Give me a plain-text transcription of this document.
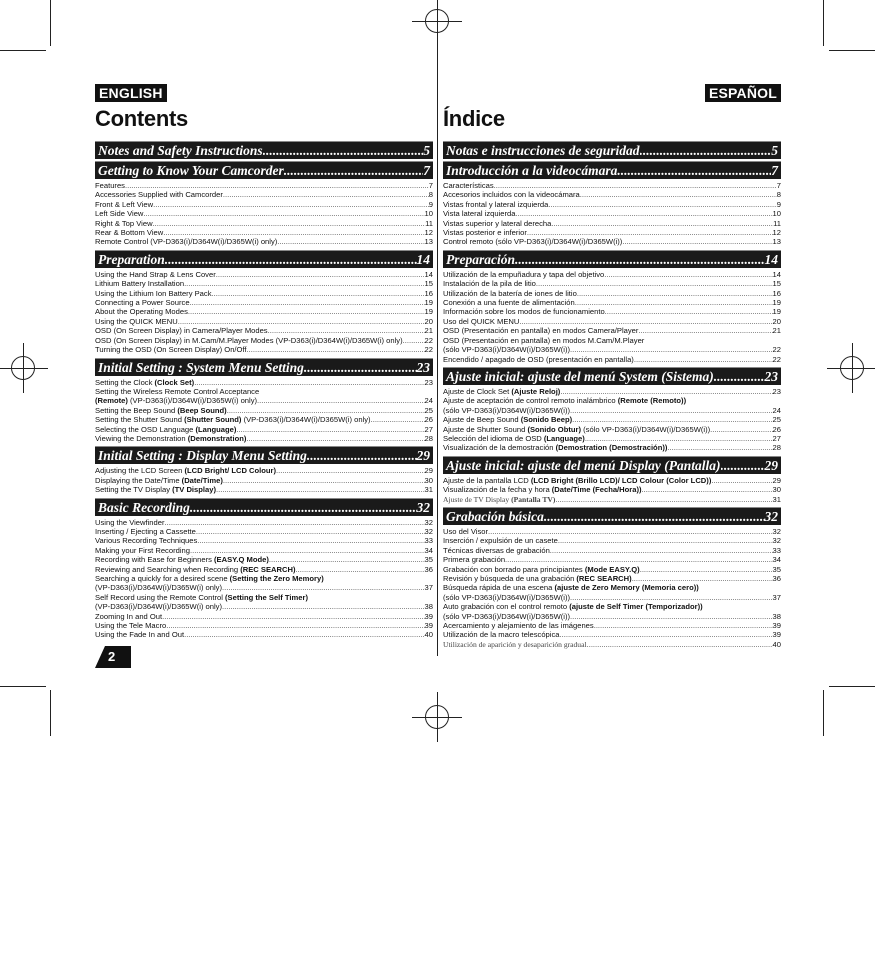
ENGLISH
Contents
Notes and Safety Instructions .....	5
Getting to Know Your Camcorder .....	7
Features .....	7
Accessories Supplied with Camcorder .....	8
Front & Left View .....	9
Left Side View .....	10
Right & Top View .....	11
Rear & Bottom View .....	12
Remote Control (VP-D363(i)/D364W(i)/D365W(i) only) .....	13
Preparation .....	14
Using the Hand Strap & Lens Cover .....	14
Lithium Battery Installation .....	15
Using the Lithium Ion Battery Pack .....	16
Connecting a Power Source .....	19
About the Operating Modes .....	19
Using the QUICK MENU .....	20
OSD (On Screen Display) in Camera/Player Modes .....	21
OSD (On Screen Display) in M.Cam/M.Player Modes (VP-D363(i)/D364W(i)/D365W(i) only) .....	22
Turning the OSD (On Screen Display) On/Off .....	22
Initial Setting : System Menu Setting .....	23
Setting the Clock (Clock Set) .....	23
Setting the Wireless Remote Control Acceptance
(Remote) (VP-D363(i)/D364W(i)/D365W(i) only) .....	24
Setting the Beep Sound (Beep Sound) .....	25
Setting the Shutter Sound (Shutter Sound) (VP-D363(i)/D364W(i)/D365W(i) only) .....	26
Selecting the OSD Language (Language) .....	27
Viewing the Demonstration (Demonstration) .....	28
Initial Setting : Display Menu Setting .....	29
Adjusting the LCD Screen (LCD Bright/ LCD Colour) .....	29
Displaying the Date/Time (Date/Time) .....	30
Setting the TV Display (TV Display) .....	31
Basic Recording .....	32
Using the Viewfinder .....	32
Inserting / Ejecting a Cassette .....	32
Various Recording Techniques .....	33
Making your First Recording .....	34
Recording with Ease for Beginners (EASY.Q Mode) .....	35
Reviewing and Searching when Recording (REC SEARCH) .....	36
Searching a quickly for a desired scene (Setting the Zero Memory)
(VP-D363(i)/D364W(i)/D365W(i) only) .....	37
Self Record using the Remote Control (Setting the Self Timer)
(VP-D363(i)/D364W(i)/D365W(i) only) .....	38
Zooming In and Out .....	39
Using the Tele Macro .....	39
Using the Fade In and Out .....	40
ESPAÑOL
Índice
Notas e instrucciones de seguridad .....	5
Introducción a la videocámara .....	7
Características .....	7
Accesorios incluidos con la videocámara .....	8
Vistas frontal y lateral izquierda .....	9
Vista lateral izquierda .....	10
Vistas superior y lateral derecha .....	11
Vistas posterior e inferior .....	12
Control remoto (sólo VP-D363(i)/D364W(i)/D365W(i)) .....	13
Preparación .....	14
Utilización de la empuñadura y tapa del objetivo .....	14
Instalación de la pila de litio .....	15
Utilización de la batería de iones de litio .....	16
Conexión a una fuente de alimentación .....	19
Información sobre los modos de funcionamiento .....	19
Uso del QUICK MENU .....	20
OSD (Presentación en pantalla) en modos Camera/Player .....	21
OSD (Presentación en pantalla) en modos M.Cam/M.Player
(sólo VP-D363(i)/D364W(i)/D365W(i)) .....	22
Encendido / apagado de OSD (presentación en pantalla) .....	22
Ajuste inicial: ajuste del menú System (Sistema) .....	23
Ajuste de Clock Set (Ajuste Reloj) .....	23
Ajuste de aceptación de control remoto inalámbrico (Remote (Remoto))
(sólo VP-D363(i)/D364W(i)/D365W(i)) .....	24
Ajuste de Beep Sound (Sonido Beep) .....	25
Ajuste de Shutter Sound (Sonido Obtur) (sólo VP-D363(i)/D364W(i)/D365W(i)) .....	26
Selección del idioma de OSD (Language) .....	27
Visualización de la demostración (Demostration (Demostración)) .....	28
Ajuste inicial: ajuste del menú Display (Pantalla) .....	29
Ajuste de la pantalla LCD (LCD Bright (Brillo LCD)/ LCD Colour (Color LCD)) .....	29
Visualización de la fecha y hora (Date/Time (Fecha/Hora)) .....	30
Ajuste de TV Display (Pantalla TV) .....	31
Grabación básica .....	32
Uso del Visor .....	32
Inserción / expulsión de un casete .....	32
Técnicas diversas de grabación .....	33
Primera grabación .....	34
Grabación con borrado para principiantes (Mode EASY.Q) .....	35
Revisión y búsqueda de una grabación (REC SEARCH) .....	36
Búsqueda rápida de una escena (ajuste de Zero Memory (Memoria cero))
(sólo VP-D363(i)/D364W(i)/D365W(i)) .....	37
Auto grabación con el control remoto (ajuste de Self Timer (Temporizador))
(sólo VP-D363(i)/D364W(i)/D365W(i)) .....	38
Acercamiento y alejamiento de las imágenes .....	39
Utilización de la macro telescópica .....	39
Utilización de aparición y desaparición gradual .....	40
2
